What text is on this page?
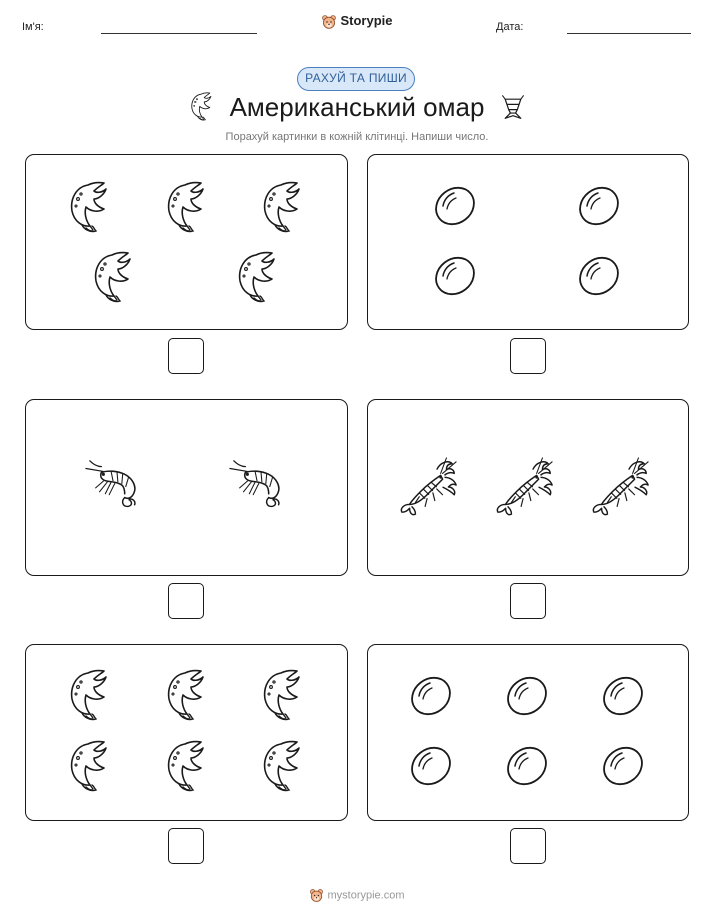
Ім'я:	Storypie	Дата:
РАХУЙ ТА ПИШИ
Американський омар
Порахуй картинки в кожній клітинці. Напиши число.
mystorypie.com
